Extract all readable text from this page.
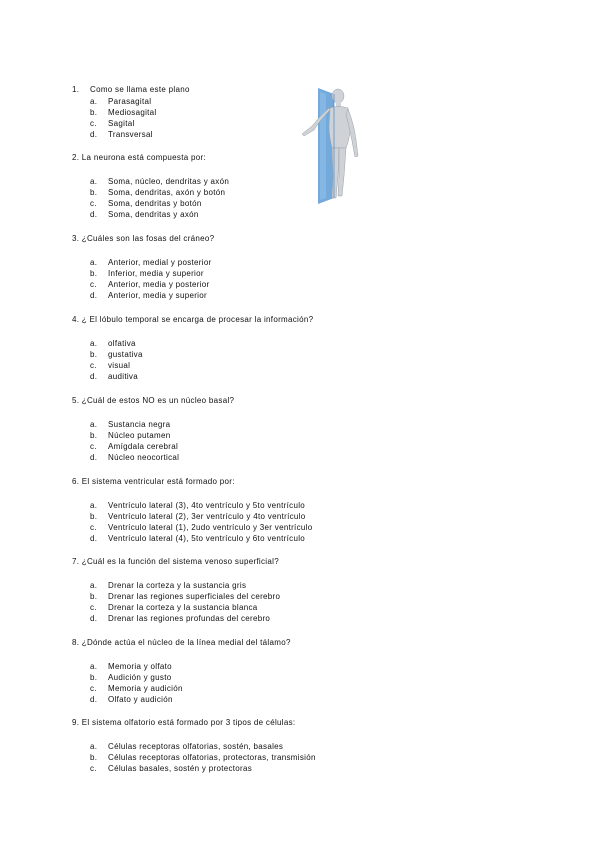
1. Como se llama este plano
a.	Parasagital
b.	Mediosagital
c.	Sagital
d.	Transversal
2. La neurona está compuesta por:
a.	Soma, núcleo, dendritas y axón
b.	Soma, dendritas, axón y botón
c.	Soma, dendritas y botón
d.	Soma, dendritas y axón
3. ¿Cuáles son las fosas del cráneo?
a.	Anterior, medial y posterior
b.	Inferior, media y superior
c.	Anterior, media y posterior
d.	Anterior, media y superior
4. ¿ El lóbulo temporal se encarga de procesar la información?
a.	olfativa
b.	gustativa
c.	visual
d.	auditiva
5. ¿Cuál de estos NO es un núcleo basal?
a.	Sustancia negra
b.	Núcleo putamen
c.	Amígdala cerebral
d.	Núcleo neocortical
6. El sistema ventricular está formado por:
a.	Ventrículo lateral (3), 4to ventrículo y 5to ventrículo
b.	Ventrículo lateral (2), 3er ventrículo y 4to ventrículo
c.	Ventrículo lateral (1), 2udo ventrículo y 3er ventrículo
d.	Ventrículo lateral (4), 5to ventrículo y 6to ventrículo
7. ¿Cuál es la función del sistema venoso superficial?
a.	Drenar la corteza y la sustancia gris
b.	Drenar las regiones superficiales del cerebro
c.	Drenar la corteza y la sustancia blanca
d.	Drenar las regiones profundas del cerebro
8. ¿Dónde actúa el núcleo de la línea medial del tálamo?
a.	Memoria y olfato
b.	Audición y gusto
c.	Memoria y audición
d.	Olfato y audición
9. El sistema olfatorio está formado por 3 tipos de células:
a.	Células receptoras olfatorias, sostén, basales
b.	Células receptoras olfatorias, protectoras, transmisión
c.	Células basales, sostén y protectoras
